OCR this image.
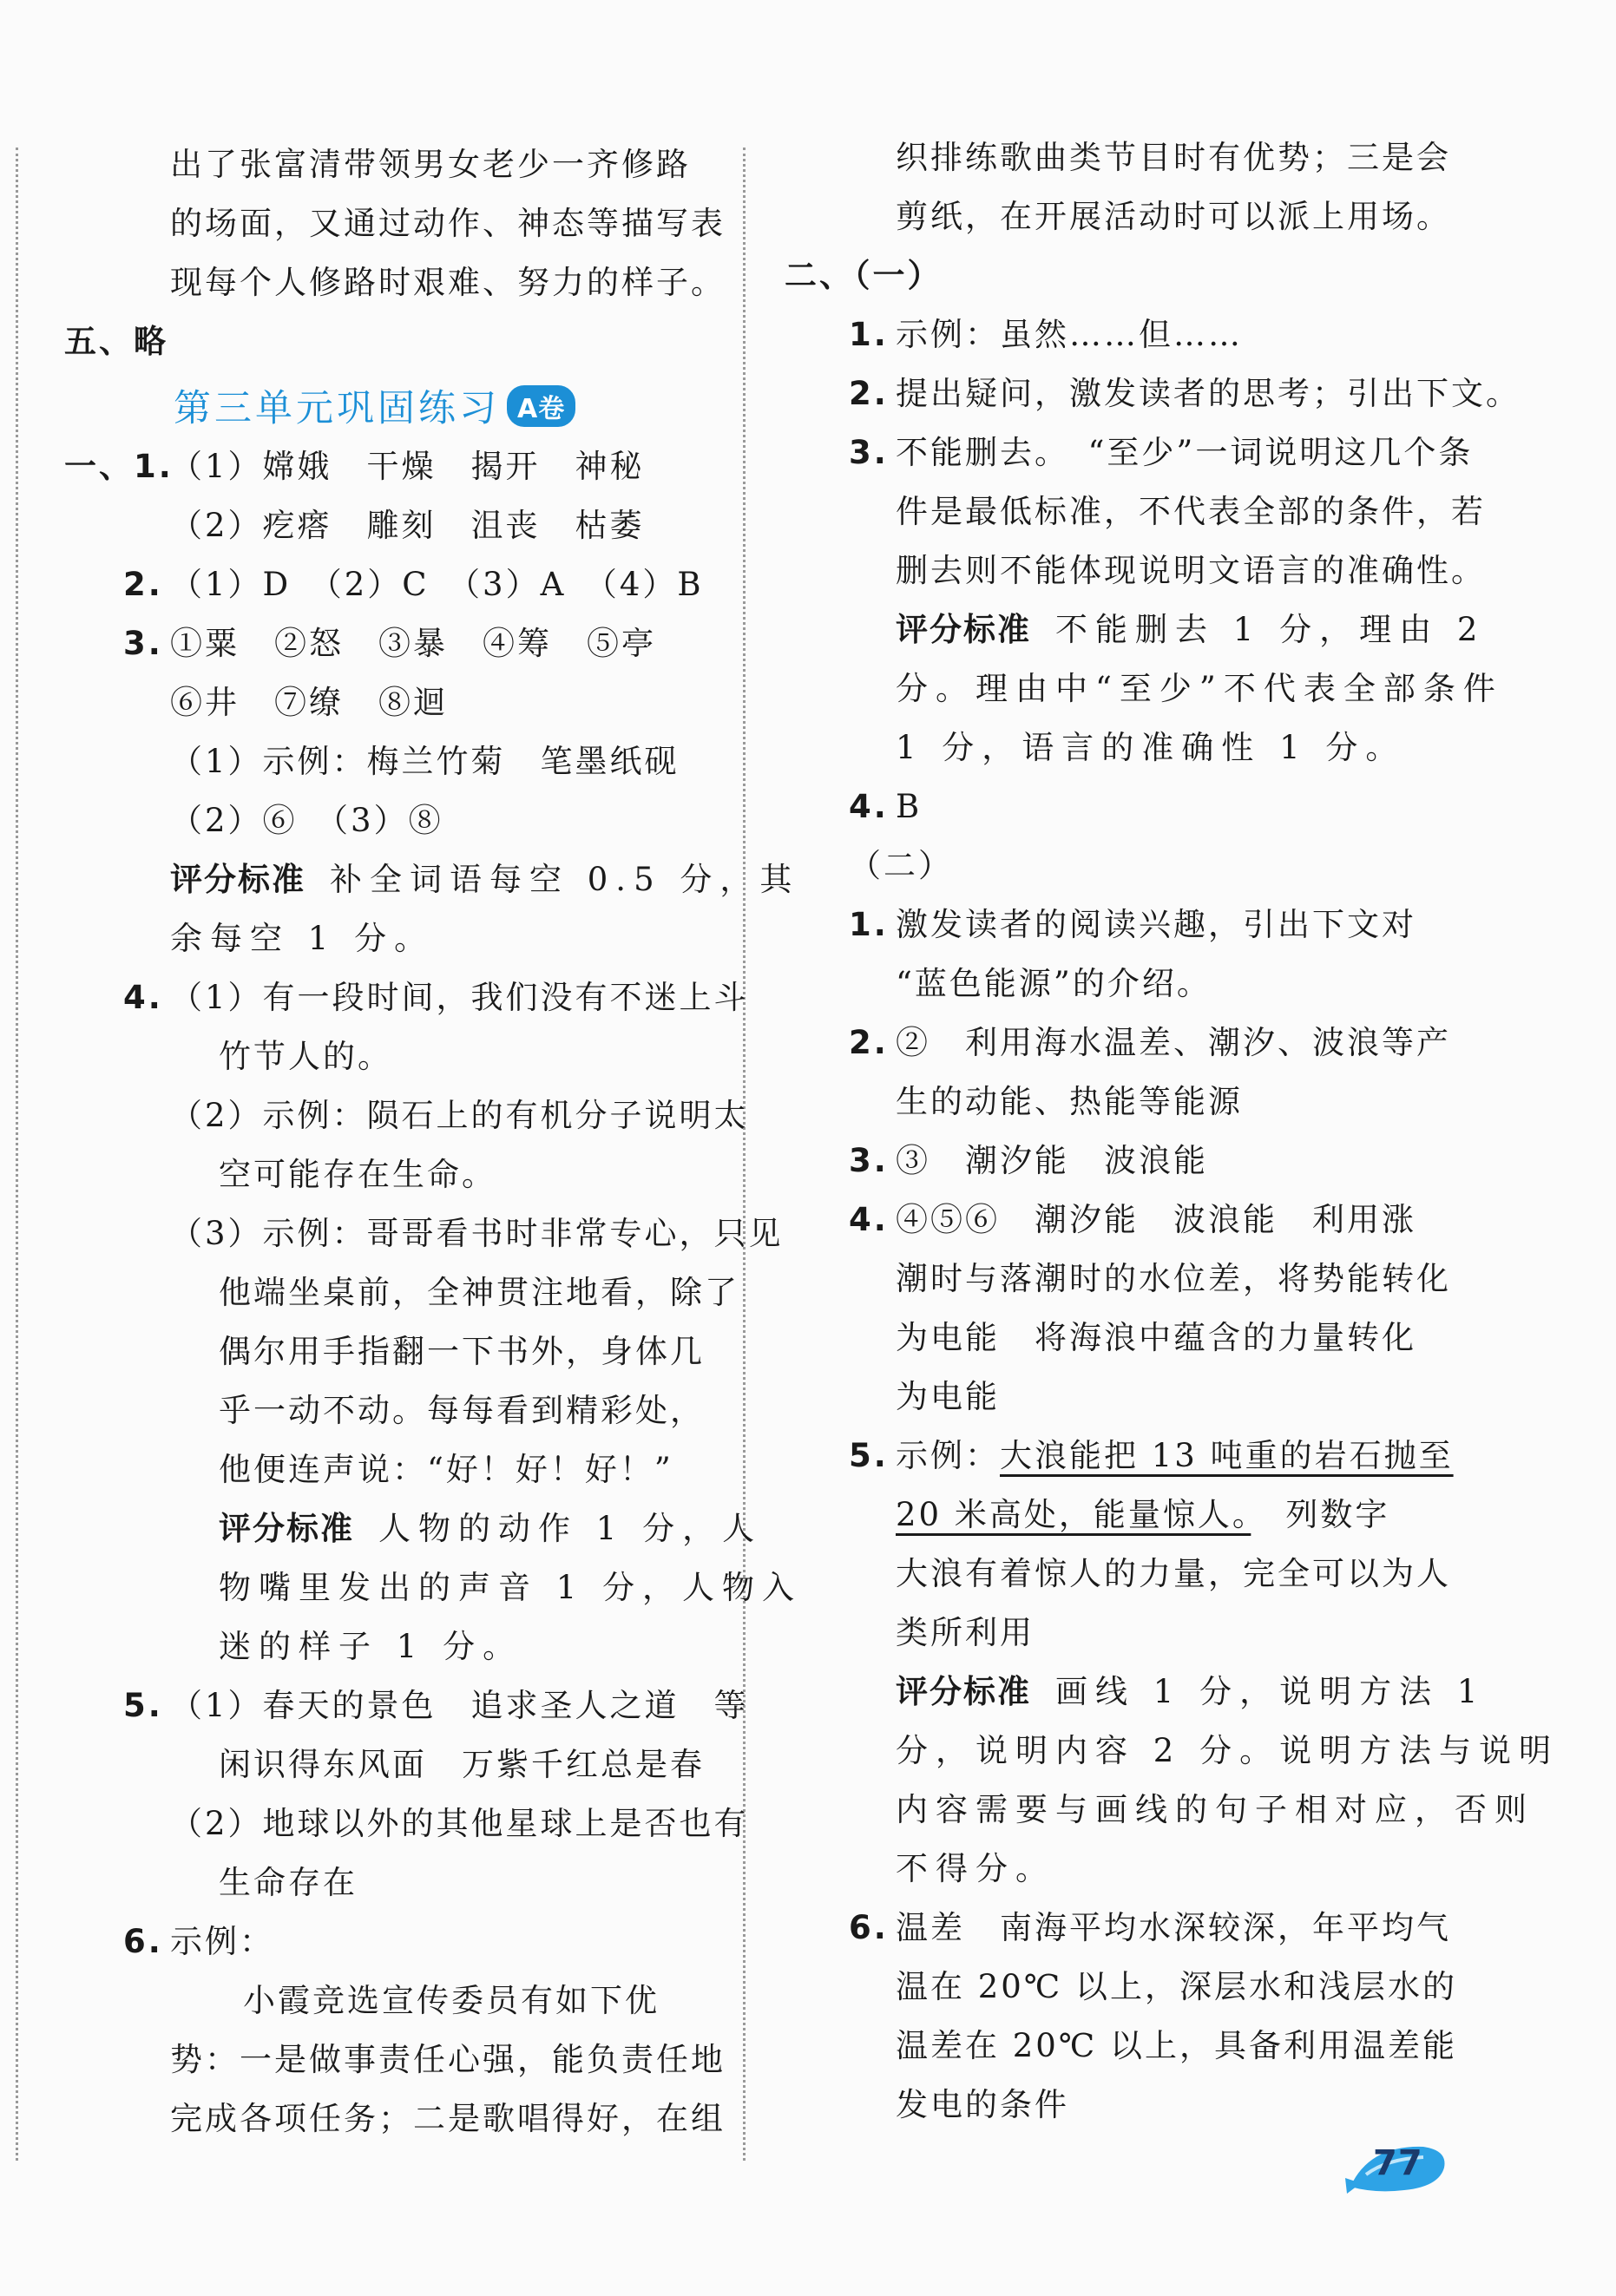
出了张富清带领男女老少一齐修路
的场面，又通过动作、神态等描写表
现每个人修路时艰难、努力的样子。
五、略
第三单元巩固练习 A卷
一、1.
（1）嫦娥　干燥　揭开　神秘
（2）疙瘩　雕刻　沮丧　枯萎
2. （1）D　（2）C　（3）A　（4）B
3. ①粟　②怒　③暴　④筹　⑤亭
⑥井　⑦缭　⑧迴
（1）示例：梅兰竹菊　笔墨纸砚
（2）⑥　（3）⑧
评分标准 补全词语每空 0.5 分，其
余每空 1 分。
4. （1）有一段时间，我们没有不迷上斗
竹节人的。
（2）示例：陨石上的有机分子说明太
空可能存在生命。
（3）示例：哥哥看书时非常专心，只见
他端坐桌前，全神贯注地看，除了
偶尔用手指翻一下书外，身体几
乎一动不动。每每看到精彩处，
他便连声说：“好！好！好！”
评分标准 人物的动作 1 分，人
物嘴里发出的声音 1 分，人物入
迷的样子 1 分。
5. （1）春天的景色　追求圣人之道　等
闲识得东风面　万紫千红总是春
（2）地球以外的其他星球上是否也有
生命存在
6. 示例：
小霞竞选宣传委员有如下优
势：一是做事责任心强，能负责任地
完成各项任务；二是歌唱得好，在组
织排练歌曲类节目时有优势；三是会
剪纸，在开展活动时可以派上用场。
二、（一）
1. 示例：虽然……但……
2. 提出疑问，激发读者的思考；引出下文。
3. 不能删去。　“至少”一词说明这几个条
件是最低标准，不代表全部的条件，若
删去则不能体现说明文语言的准确性。
评分标准 不能删去 1 分，理由 2
分。理由中“至少”不代表全部条件
1 分，语言的准确性 1 分。
4. B
（二）
1. 激发读者的阅读兴趣，引出下文对
“蓝色能源”的介绍。
2. ②　利用海水温差、潮汐、波浪等产
生的动能、热能等能源
3. ③　潮汐能　波浪能
4. ④⑤⑥　潮汐能　波浪能　利用涨
潮时与落潮时的水位差，将势能转化
为电能　将海浪中蕴含的力量转化
为电能
5. 示例：大浪能把 13 吨重的岩石抛至
20 米高处，能量惊人。　列数字
大浪有着惊人的力量，完全可以为人
类所利用
评分标准 画线 1 分，说明方法 1
分，说明内容 2 分。说明方法与说明
内容需要与画线的句子相对应，否则
不得分。
6. 温差　南海平均水深较深，年平均气
温在 20℃ 以上，深层水和浅层水的
温差在 20℃ 以上，具备利用温差能
发电的条件
77
